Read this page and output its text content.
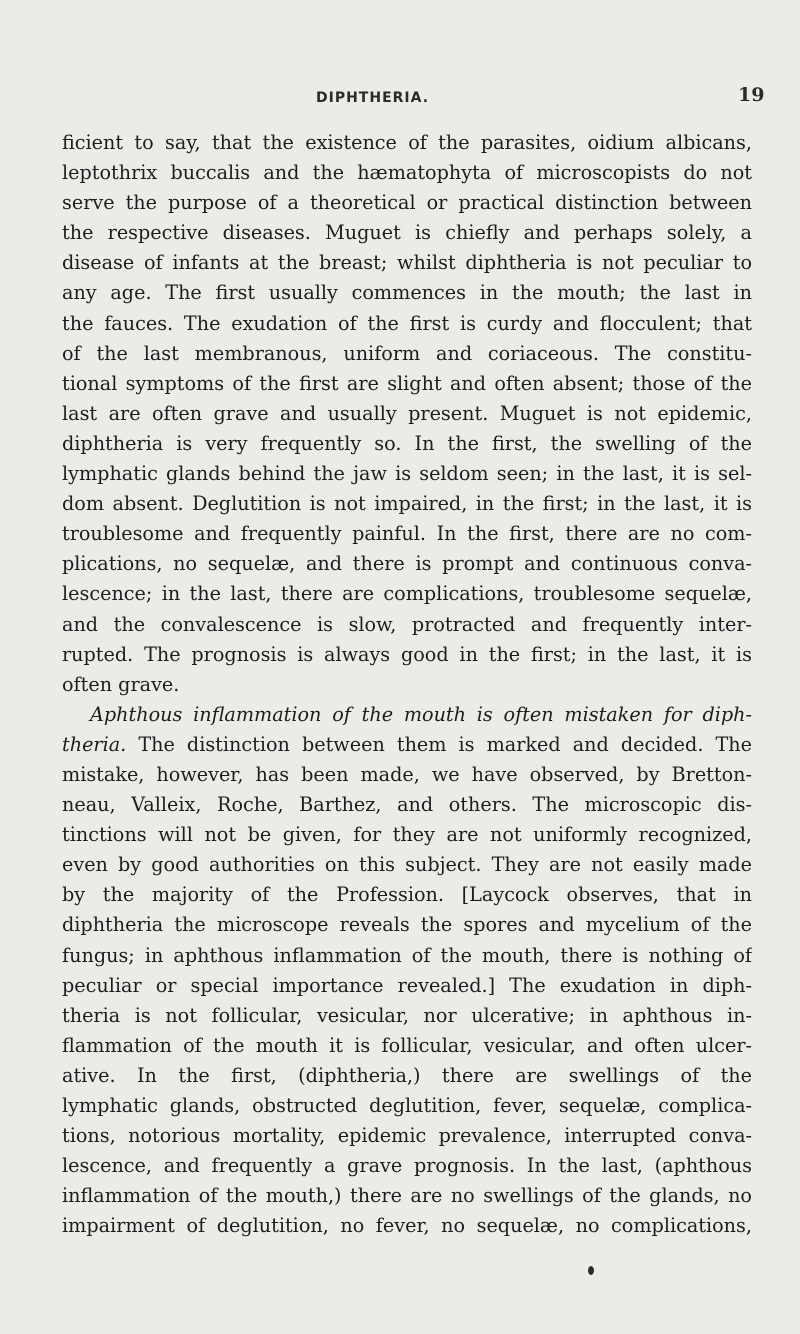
DIPHTHERIA.	19
ficient to say, that the existence of the parasites, oidium albicans,
leptothrix buccalis and the hæmatophyta of microscopists do not
serve the purpose of a theoretical or practical distinction between
the respective diseases. Muguet is chiefly and perhaps solely, a
disease of infants at the breast; whilst diphtheria is not peculiar to
any age. The first usually commences in the mouth; the last in
the fauces. The exudation of the first is curdy and flocculent; that
of the last membranous, uniform and coriaceous. The constitu-
tional symptoms of the first are slight and often absent; those of the
last are often grave and usually present. Muguet is not epidemic,
diphtheria is very frequently so. In the first, the swelling of the
lymphatic glands behind the jaw is seldom seen; in the last, it is sel-
dom absent. Deglutition is not impaired, in the first; in the last, it is
troublesome and frequently painful. In the first, there are no com-
plications, no sequelæ, and there is prompt and continuous conva-
lescence; in the last, there are complications, troublesome sequelæ,
and the convalescence is slow, protracted and frequently inter-
rupted. The prognosis is always good in the first; in the last, it is
often grave.
Aphthous inflammation of the mouth is often mistaken for diph-
theria. The distinction between them is marked and decided. The
mistake, however, has been made, we have observed, by Bretton-
neau, Valleix, Roche, Barthez, and others. The microscopic dis-
tinctions will not be given, for they are not uniformly recognized,
even by good authorities on this subject. They are not easily made
by the majority of the Profession. [Laycock observes, that in
diphtheria the microscope reveals the spores and mycelium of the
fungus; in aphthous inflammation of the mouth, there is nothing of
peculiar or special importance revealed.] The exudation in diph-
theria is not follicular, vesicular, nor ulcerative; in aphthous in-
flammation of the mouth it is follicular, vesicular, and often ulcer-
ative. In the first, (diphtheria,) there are swellings of the
lymphatic glands, obstructed deglutition, fever, sequelæ, complica-
tions, notorious mortality, epidemic prevalence, interrupted conva-
lescence, and frequently a grave prognosis. In the last, (aphthous
inflammation of the mouth,) there are no swellings of the glands, no
impairment of deglutition, no fever, no sequelæ, no complications,
